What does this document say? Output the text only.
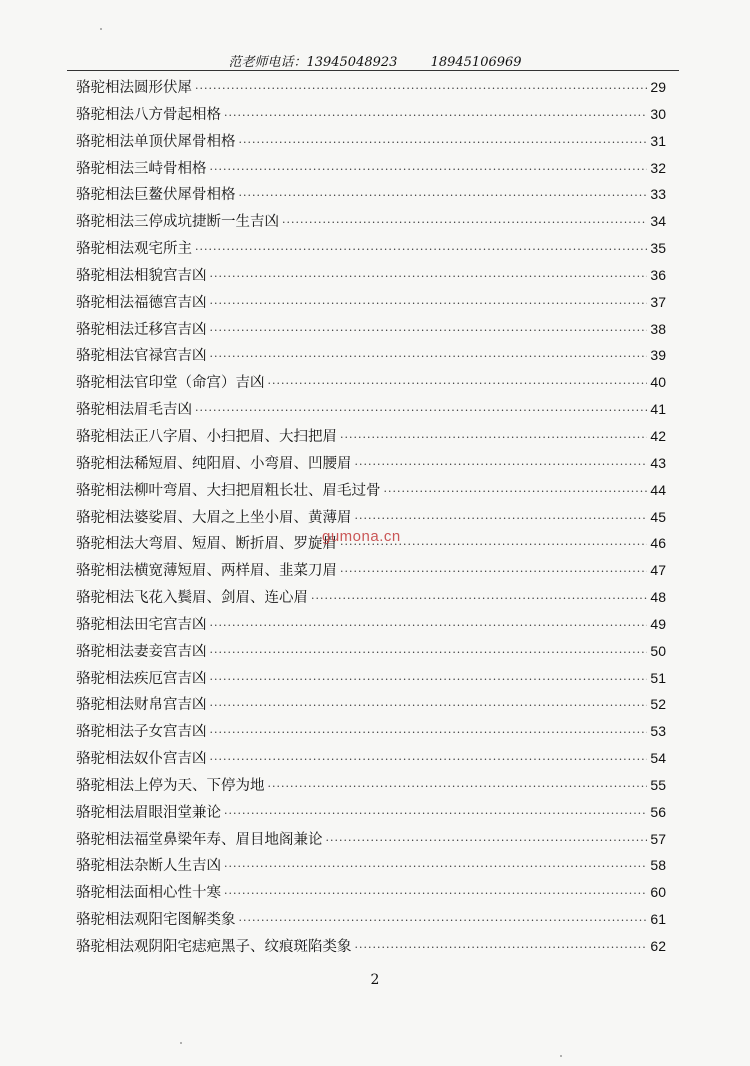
范老师电话：13945048923	18945106969
骆驼相法圆形伏犀 ·····	29
骆驼相法八方骨起相格 ·····	30
骆驼相法单顶伏犀骨相格 ·····	31
骆驼相法三峙骨相格 ·····	32
骆驼相法巨鳌伏犀骨相格 ·····	33
骆驼相法三停成坑捷断一生吉凶 ·····	34
骆驼相法观宅所主 ·····	35
骆驼相法相貌宫吉凶 ·····	36
骆驼相法福德宫吉凶 ·····	37
骆驼相法迁移宫吉凶 ·····	38
骆驼相法官禄宫吉凶 ·····	39
骆驼相法官印堂（命宫）吉凶 ·····	40
骆驼相法眉毛吉凶 ·····	41
骆驼相法正八字眉、小扫把眉、大扫把眉 ·····	42
骆驼相法稀短眉、纯阳眉、小弯眉、凹腰眉 ·····	43
骆驼相法柳叶弯眉、大扫把眉粗长壮、眉毛过骨 ·····	44
骆驼相法婆娑眉、大眉之上坐小眉、黄薄眉 ·····	45
骆驼相法大弯眉、短眉、断折眉、罗旋眉 ·····	46
骆驼相法横宽薄短眉、两样眉、韭菜刀眉 ·····	47
骆驼相法飞花入鬓眉、剑眉、连心眉 ·····	48
骆驼相法田宅宫吉凶 ·····	49
骆驼相法妻妾宫吉凶 ·····	50
骆驼相法疾厄宫吉凶 ·····	51
骆驼相法财帛宫吉凶 ·····	52
骆驼相法子女宫吉凶 ·····	53
骆驼相法奴仆宫吉凶 ·····	54
骆驼相法上停为天、下停为地 ·····	55
骆驼相法眉眼泪堂兼论 ·····	56
骆驼相法福堂鼻梁年寿、眉目地阁兼论 ·····	57
骆驼相法杂断人生吉凶 ·····	58
骆驼相法面相心性十寒 ·····	60
骆驼相法观阳宅图解类象 ·····	61
骆驼相法观阴阳宅痣疤黑子、纹痕斑陷类象 ·····	62
gumona.cn
2
